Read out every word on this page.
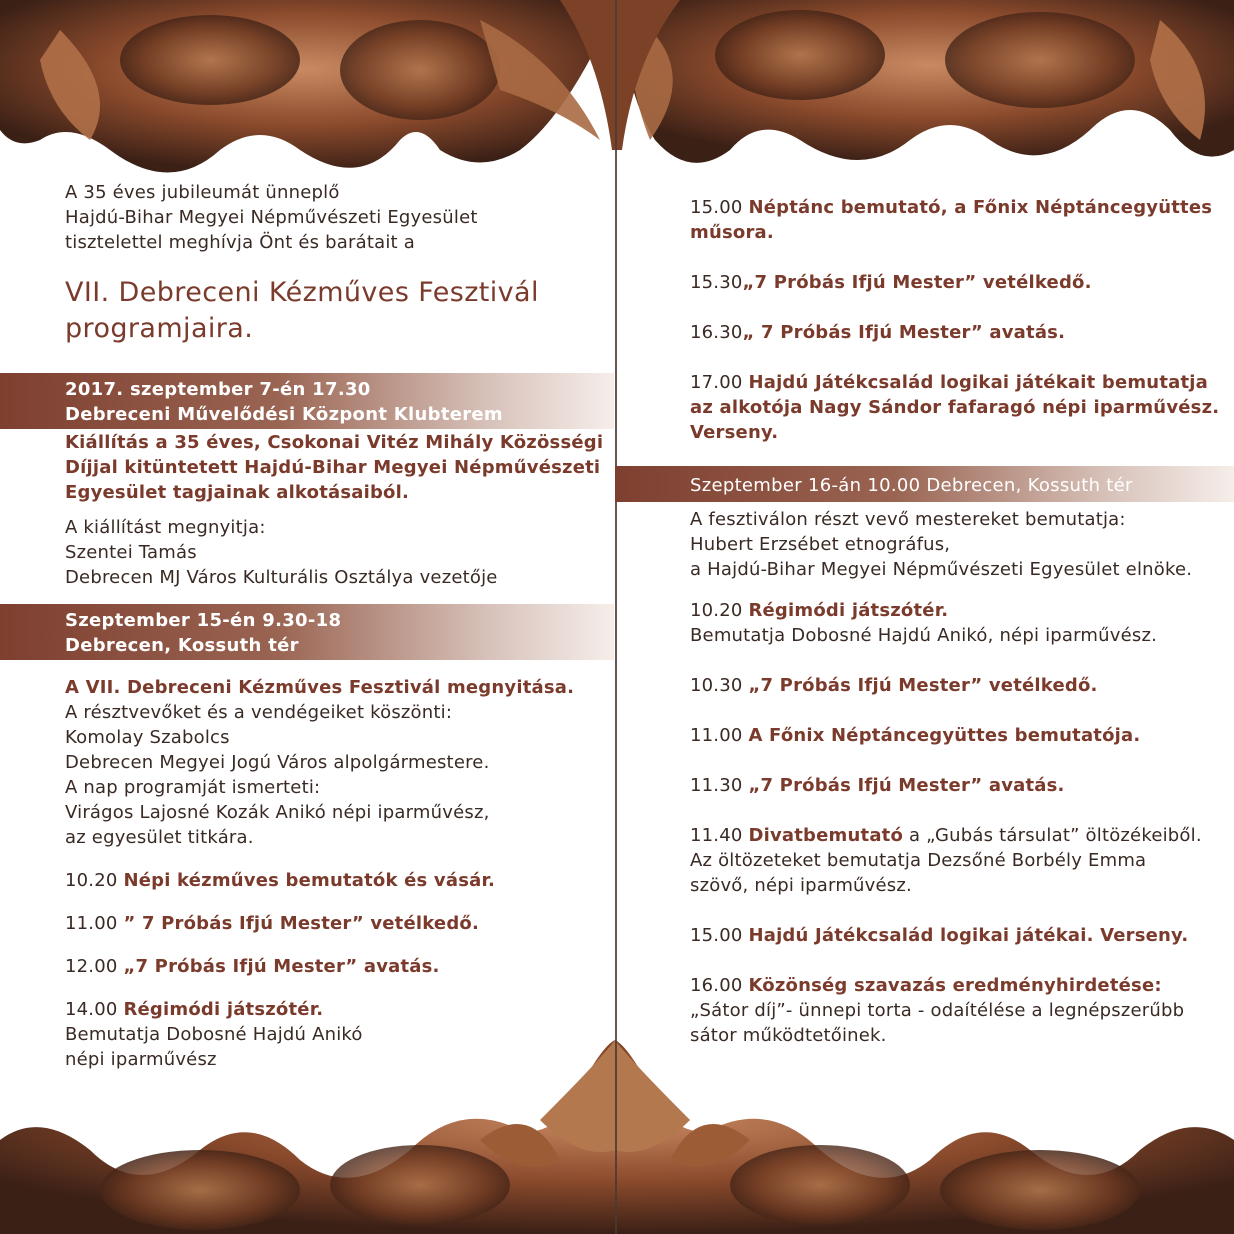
2017. szeptember 7-én 17.30
Debreceni Művelődési Központ Klubterem
Szeptember 15-én 9.30-18
Debrecen, Kossuth tér
Szeptember 16-án 10.00 Debrecen, Kossuth tér

A 35 éves jubileumát ünneplő

Hajdú-Bihar Megyei Népművészeti Egyesület

tisztelettel meghívja Önt és barátait a

VII. Debreceni Kézműves Fesztivál

programjaira.

Kiállítás a 35 éves, Csokonai Vitéz Mihály Közösségi

Díjjal kitüntetett Hajdú-Bihar Megyei Népművészeti

Egyesület tagjainak alkotásaiból.

A kiállítást megnyitja:

Szentei Tamás

Debrecen MJ Város Kulturális Osztálya vezetője

A VII. Debreceni Kézműves Fesztivál megnyitása.

A résztvevőket és a vendégeiket köszönti:

Komolay Szabolcs

Debrecen Megyei Jogú Város alpolgármestere.

A nap programját ismerteti:

Virágos Lajosné Kozák Anikó népi iparművész,

az egyesület titkára.

10.20 Népi kézműves bemutatók és vásár.

11.00 ” 7 Próbás Ifjú Mester” vetélkedő.

12.00 „7 Próbás Ifjú Mester” avatás.

14.00 Régimódi játszótér.

Bemutatja Dobosné Hajdú Anikó

népi iparművész

15.00 Néptánc bemutató, a Főnix Néptáncegyüttes

műsora.

15.30„7 Próbás Ifjú Mester” vetélkedő.

16.30„ 7 Próbás Ifjú Mester” avatás.

17.00 Hajdú Játékcsalád logikai játékait bemutatja

az alkotója Nagy Sándor fafaragó népi iparművész.

Verseny.

A fesztiválon részt vevő mestereket bemutatja:

Hubert Erzsébet etnográfus,

a Hajdú-Bihar Megyei Népművészeti Egyesület elnöke.

10.20 Régimódi játszótér.

Bemutatja Dobosné Hajdú Anikó, népi iparművész.

10.30 „7 Próbás Ifjú Mester” vetélkedő.

11.00 A Főnix Néptáncegyüttes bemutatója.

11.30 „7 Próbás Ifjú Mester” avatás.

11.40 Divatbemutató a „Gubás társulat” öltözékeiből.

Az öltözeteket bemutatja Dezsőné Borbély Emma

szövő, népi iparművész.

15.00 Hajdú Játékcsalád logikai játékai. Verseny.

16.00 Közönség szavazás eredményhirdetése:

„Sátor díj”- ünnepi torta - odaítélése a legnépszerűbb

sátor működtetőinek.
